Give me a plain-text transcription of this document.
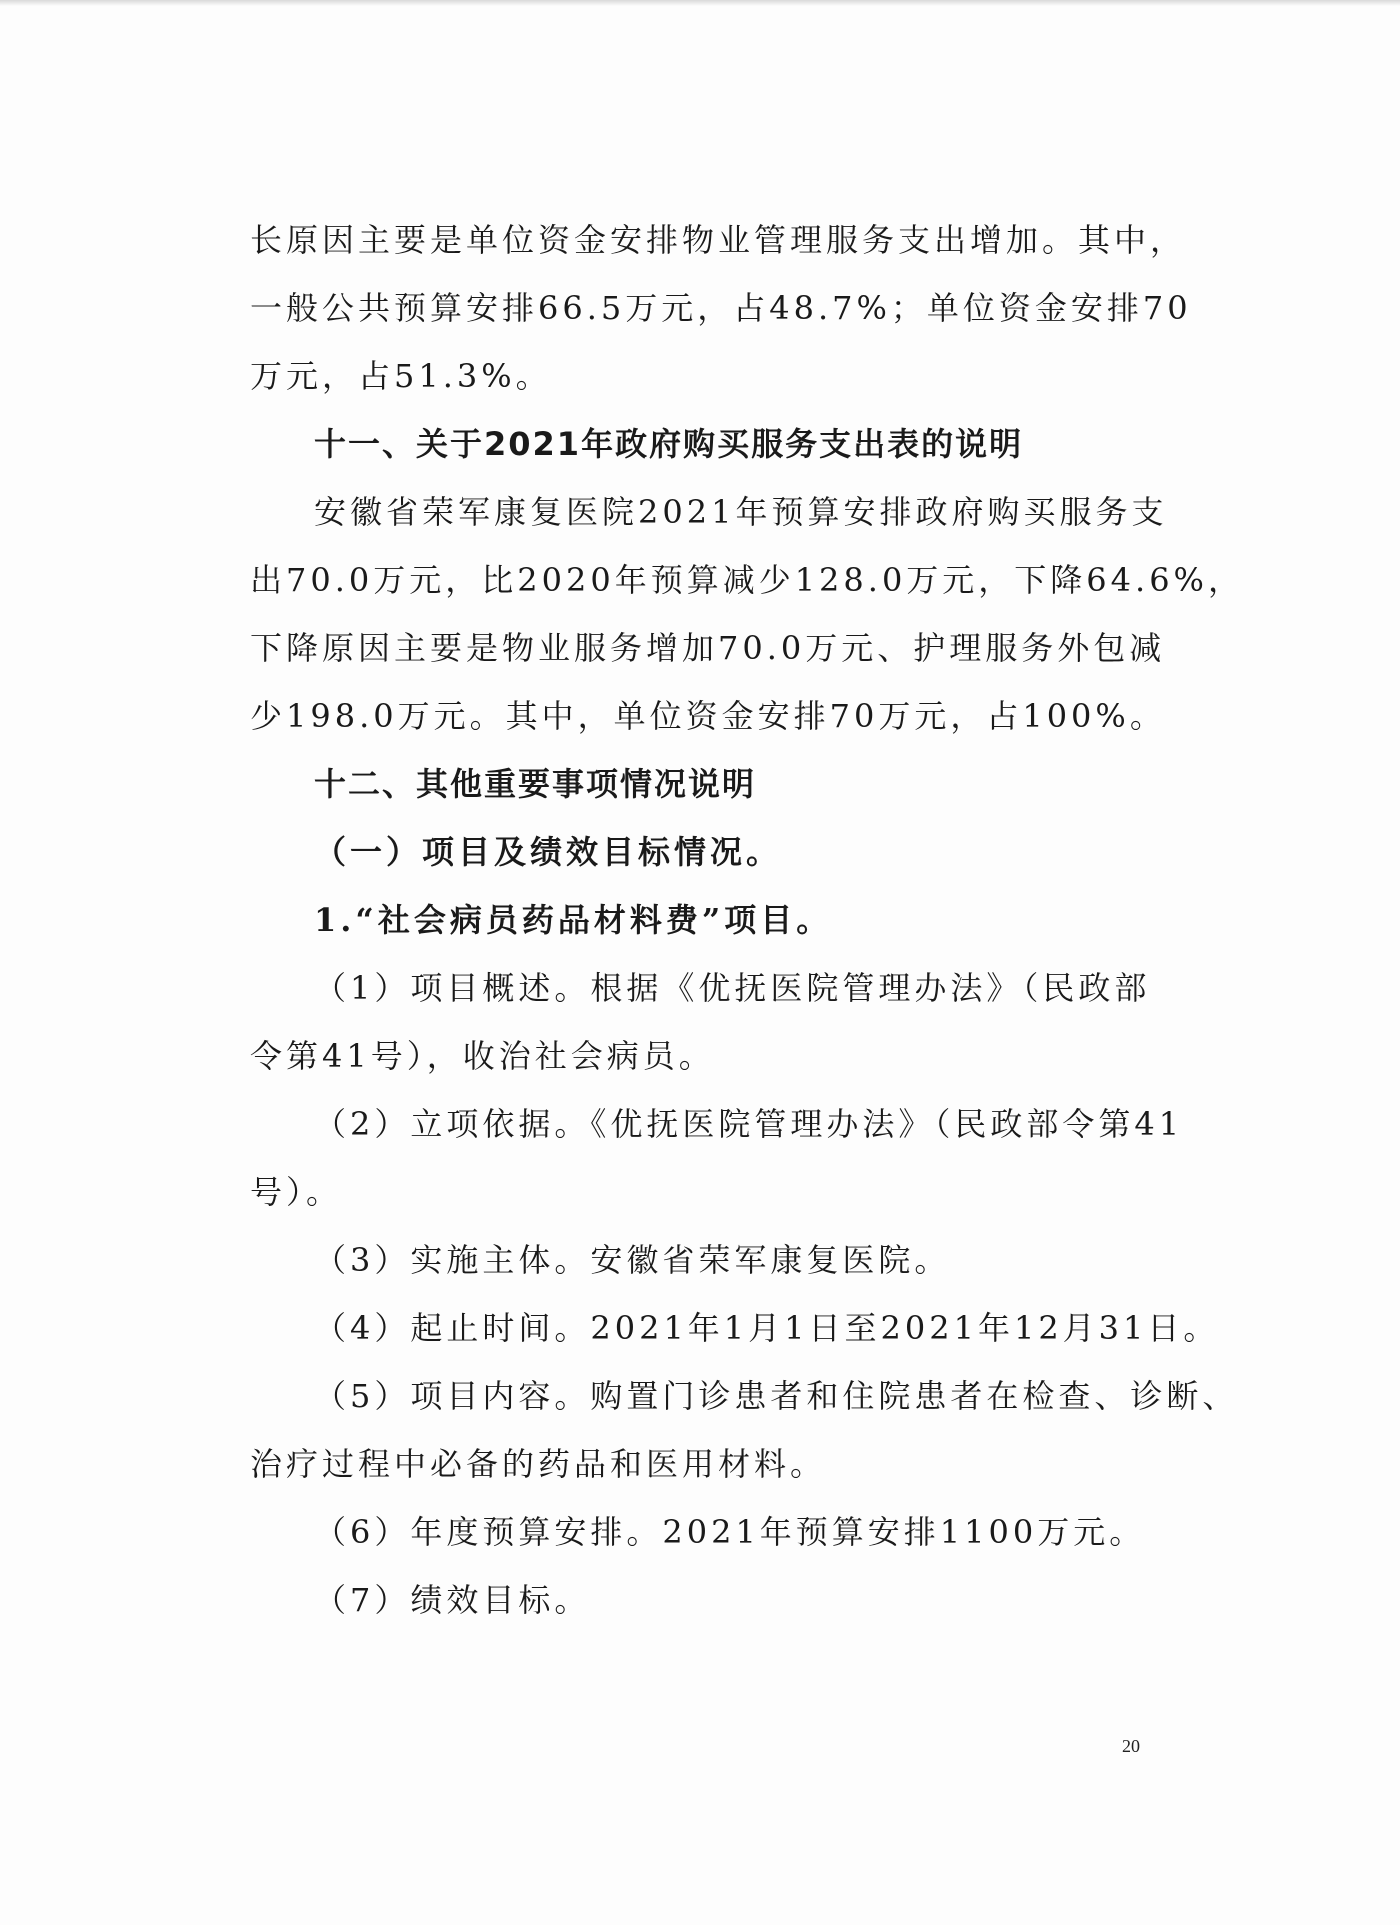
长原因主要是单位资金安排物业管理服务支出增加。其中，
一般公共预算安排66.5万元，占48.7%；单位资金安排70
万元，占51.3%。
十一、关于2021年政府购买服务支出表的说明
安徽省荣军康复医院2021年预算安排政府购买服务支
出70.0万元，比2020年预算减少128.0万元，下降64.6%，
下降原因主要是物业服务增加70.0万元、护理服务外包减
少198.0万元。其中，单位资金安排70万元，占100%。
十二、其他重要事项情况说明
（一）项目及绩效目标情况。
1.“社会病员药品材料费”项目。
（1）项目概述。根据《优抚医院管理办法》（民政部
令第41号），收治社会病员。
（2）立项依据。《优抚医院管理办法》（民政部令第41
号）。
（3）实施主体。安徽省荣军康复医院。
（4）起止时间。2021年1月1日至2021年12月31日。
（5）项目内容。购置门诊患者和住院患者在检查、诊断、
治疗过程中必备的药品和医用材料。
（6）年度预算安排。2021年预算安排1100万元。
（7）绩效目标。
20
